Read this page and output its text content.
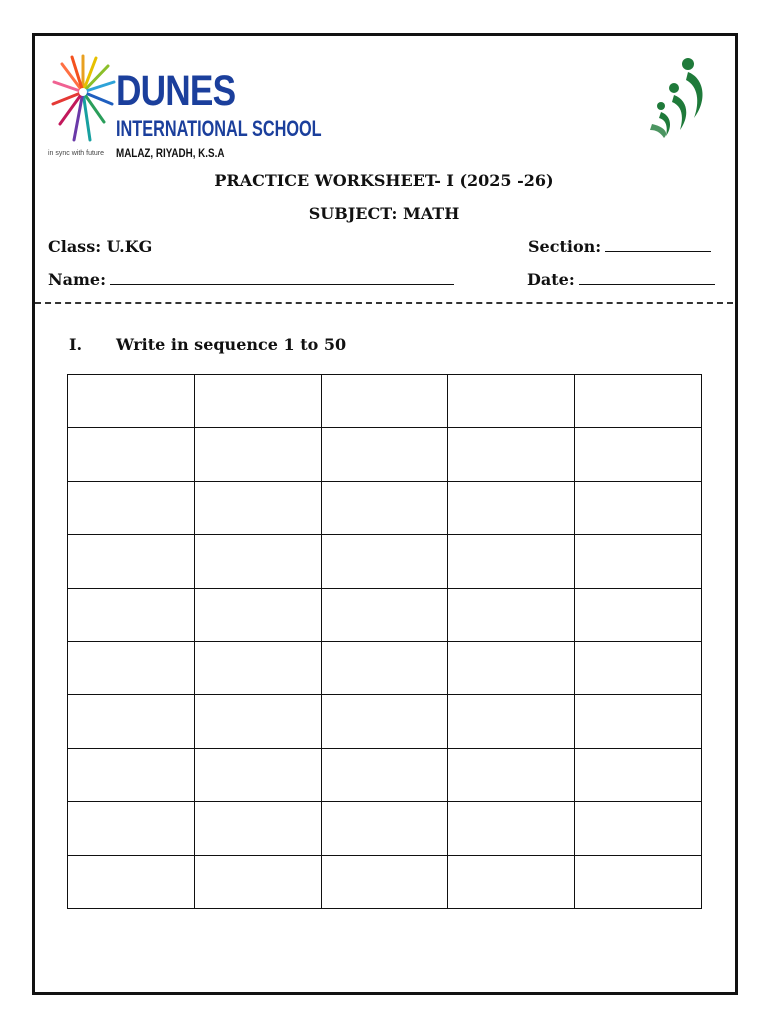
DUNES
INTERNATIONAL SCHOOL
MALAZ, RIYADH, K.S.A
in sync with future
PRACTICE WORKSHEET- I (2025 -26)
SUBJECT: MATH
Class: U.KG	Section:
Name:	Date:
I. Write in sequence 1 to 50
